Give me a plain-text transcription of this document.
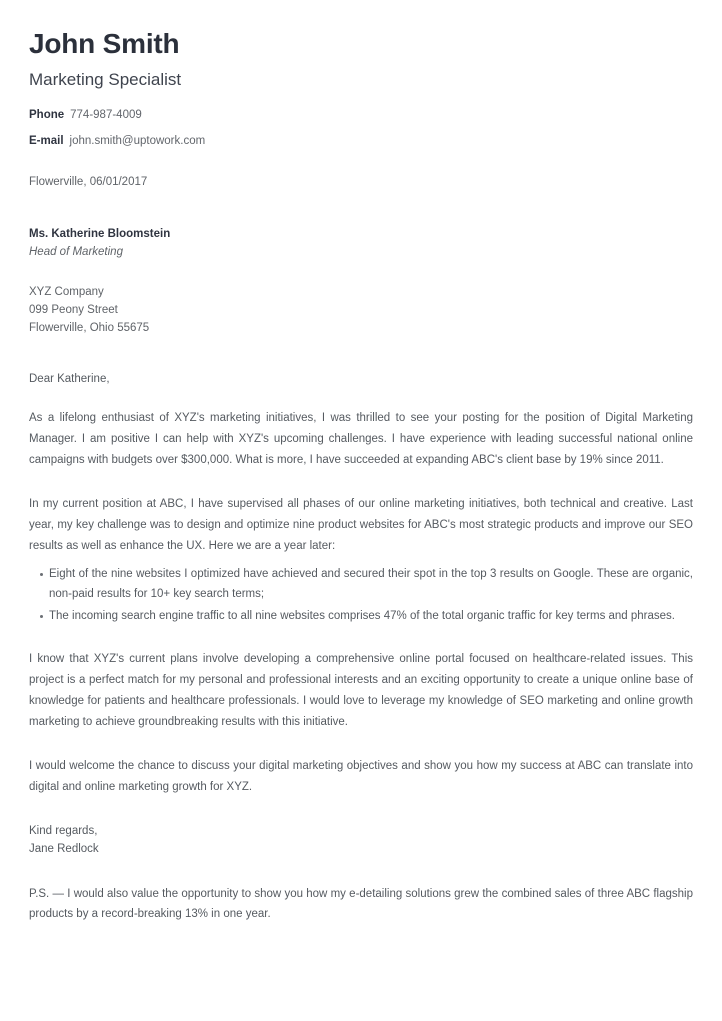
John Smith
Marketing Specialist
Phone 774-987-4009
E-mail john.smith@uptowork.com
Flowerville, 06/01/2017
Ms. Katherine Bloomstein
Head of Marketing
XYZ Company
099 Peony Street
Flowerville, Ohio 55675
Dear Katherine,

As a lifelong enthusiast of XYZ's marketing initiatives, I was thrilled to see your posting for the position of Digital Marketing Manager. I am positive I can help with XYZ's upcoming challenges. I have experience with leading successful national online campaigns with budgets over $300,000. What is more, I have succeeded at expanding ABC's client base by 19% since 2011.

In my current position at ABC, I have supervised all phases of our online marketing initiatives, both technical and creative. Last year, my key challenge was to design and optimize nine product websites for ABC's most strategic products and improve our SEO results as well as enhance the UX. Here we are a year later:

Eight of the nine websites I optimized have achieved and secured their spot in the top 3 results on Google. These are organic, non-paid results for 10+ key search terms;
The incoming search engine traffic to all nine websites comprises 47% of the total organic traffic for key terms and phrases.

I know that XYZ's current plans involve developing a comprehensive online portal focused on healthcare-related issues. This project is a perfect match for my personal and professional interests and an exciting opportunity to create a unique online base of knowledge for patients and healthcare professionals. I would love to leverage my knowledge of SEO marketing and online growth marketing to achieve groundbreaking results with this initiative.

I would welcome the chance to discuss your digital marketing objectives and show you how my success at ABC can translate into digital and online marketing growth for XYZ.

Kind regards,
Jane Redlock

P.S. — I would also value the opportunity to show you how my e-detailing solutions grew the combined sales of three ABC flagship products by a record-breaking 13% in one year.
